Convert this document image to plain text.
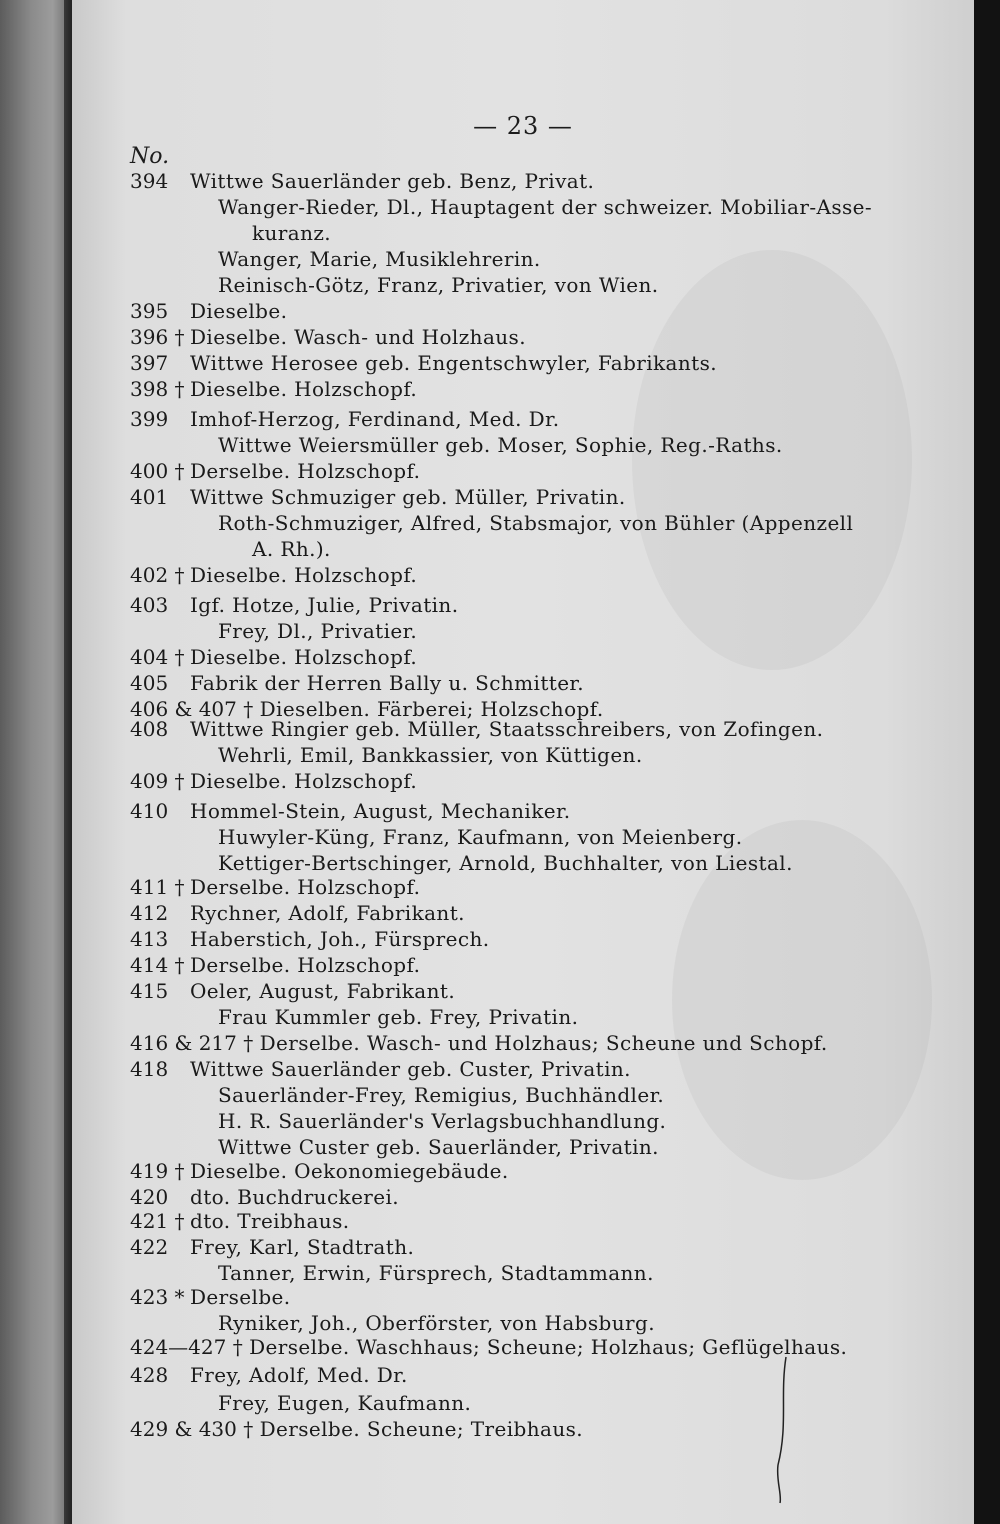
— 23 —
No.
394	Wittwe Sauerländer geb. Benz, Privat.
Wanger-Rieder, Dl., Hauptagent der schweizer. Mobiliar-Asse-
kuranz.
Wanger, Marie, Musiklehrerin.
Reinisch-Götz, Franz, Privatier, von Wien.
395	Dieselbe.
396 † Dieselbe. Wasch- und Holzhaus.
397	Wittwe Herosee geb. Engentschwyler, Fabrikants.
398 † Dieselbe. Holzschopf.
399	Imhof-Herzog, Ferdinand, Med. Dr.
Wittwe Weiersmüller geb. Moser, Sophie, Reg.-Raths.
400 † Derselbe. Holzschopf.
401	Wittwe Schmuziger geb. Müller, Privatin.
Roth-Schmuziger, Alfred, Stabsmajor, von Bühler (Appenzell
A. Rh.).
402 † Dieselbe. Holzschopf.
403	Igf. Hotze, Julie, Privatin.
Frey, Dl., Privatier.
404 † Dieselbe. Holzschopf.
405	Fabrik der Herren Bally u. Schmitter.
406 & 407 † Dieselben. Färberei; Holzschopf.
408	Wittwe Ringier geb. Müller, Staatsschreibers, von Zofingen.
Wehrli, Emil, Bankkassier, von Küttigen.
409 † Dieselbe. Holzschopf.
410	Hommel-Stein, August, Mechaniker.
Huwyler-Küng, Franz, Kaufmann, von Meienberg.
Kettiger-Bertschinger, Arnold, Buchhalter, von Liestal.
411 † Derselbe. Holzschopf.
412	Rychner, Adolf, Fabrikant.
413	Haberstich, Joh., Fürsprech.
414 † Derselbe. Holzschopf.
415	Oeler, August, Fabrikant.
Frau Kummler geb. Frey, Privatin.
416 & 217 † Derselbe. Wasch- und Holzhaus; Scheune und Schopf.
418	Wittwe Sauerländer geb. Custer, Privatin.
Sauerländer-Frey, Remigius, Buchhändler.
H. R. Sauerländer's Verlagsbuchhandlung.
Wittwe Custer geb. Sauerländer, Privatin.
419 † Dieselbe. Oekonomiegebäude.
420	dto. Buchdruckerei.
421 † dto. Treibhaus.
422	Frey, Karl, Stadtrath.
Tanner, Erwin, Fürsprech, Stadtammann.
423 * Derselbe.
Ryniker, Joh., Oberförster, von Habsburg.
424—427 † Derselbe. Waschhaus; Scheune; Holzhaus; Geflügelhaus.
428	Frey, Adolf, Med. Dr.
Frey, Eugen, Kaufmann.
429 & 430 † Derselbe. Scheune; Treibhaus.
